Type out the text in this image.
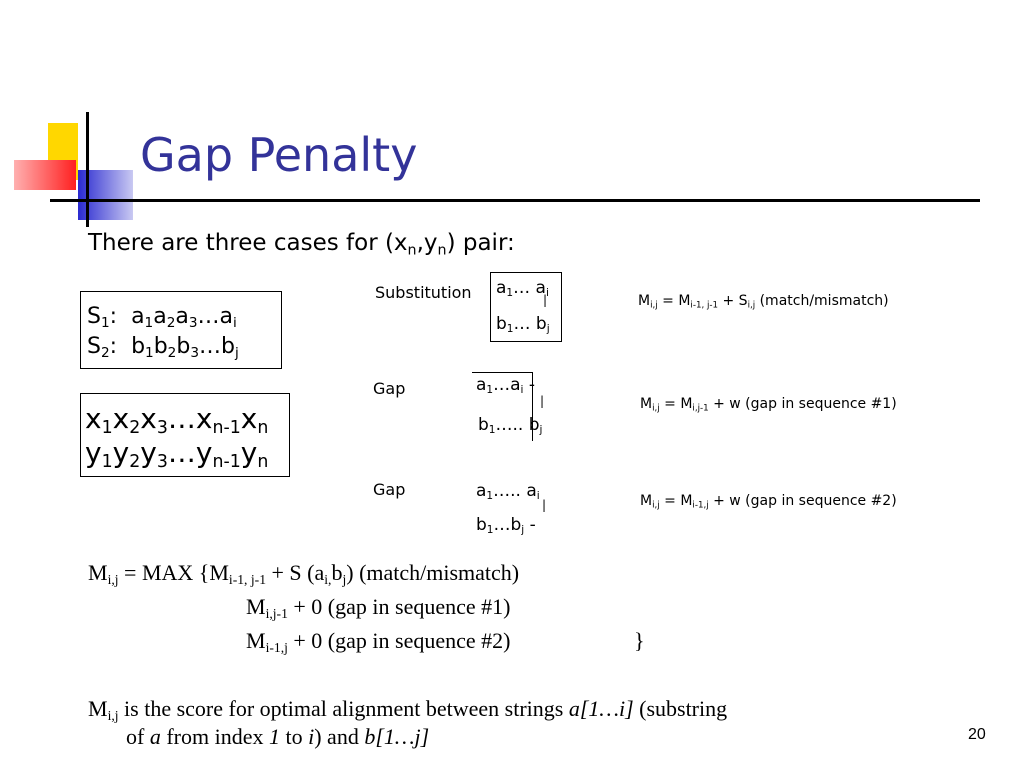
Gap Penalty
There are three cases for $(x_n,y_n)$ pair:
$S_1$: $a_1a_2a_3\dots a_i$
$S_2$: $b_1b_2b_3\dots b_j$
$x_1x_2x_3\dots x_{n-1}x_n$
$y_1y_2y_3\dots y_{n-1}y_n$
Substitution $a_1\dots$ $a_i$
|
$b_1\dots$ $b_j$
$M_{i,j} = M_{i-1, j-1} + S_{i,j}$ (match/mismatch)
Gap	$a_1\dots a_i$ -
|
$b_1\dots$.. $b_j$
$M_{i,j} = M_{i,j-1} + w$ (gap in sequence #1)
Gap	$a_1\dots$.. $a_i$
|
$b_1\dots b_j$ -
$M_{i,j} = M_{i-1,j} + w$ (gap in sequence #2)
$M_{i,j}$ = MAX {$M_{i-1,}$ $_{j-1}$ + S $(a_{i,}b_j)$ (match/mismatch)
$M_{i,j-1} + 0$ (gap in sequence #1)
$M_{i-1,j} + 0$ (gap in sequence #2)	}
$M_{i,j}$ is the score for optimal alignment between strings a[1…i] (substring
of a from index 1 to i) and b[1…j]	20
